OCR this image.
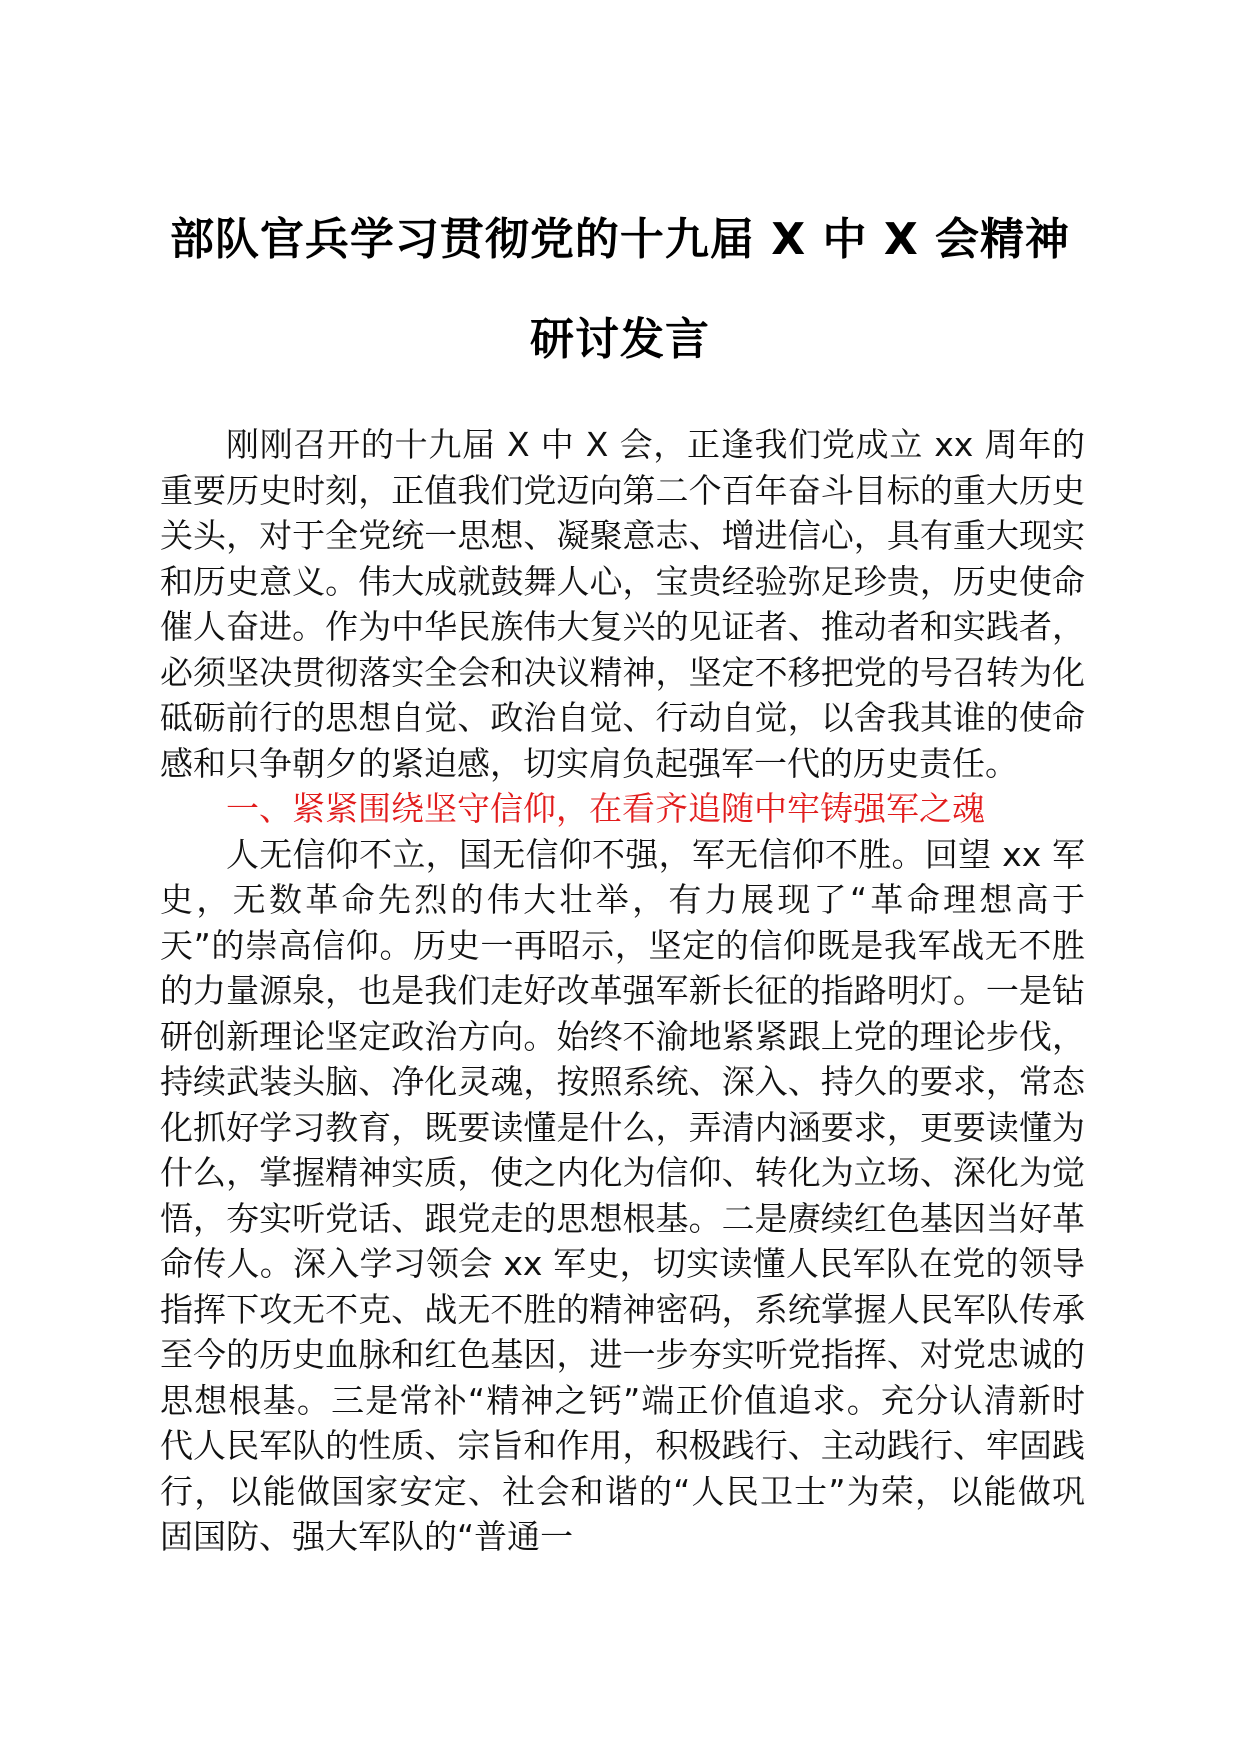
部队官兵学习贯彻党的十九届 X 中 X 会精神研讨发言

刚刚召开的十九届 X 中 X 会，正逢我们党成立 xx 周年的重要历史时刻，正值我们党迈向第二个百年奋斗目标的重大历史关头，对于全党统一思想、凝聚意志、增进信心，具有重大现实和历史意义。伟大成就鼓舞人心，宝贵经验弥足珍贵，历史使命催人奋进。作为中华民族伟大复兴的见证者、推动者和实践者，必须坚决贯彻落实全会和决议精神，坚定不移把党的号召转为化砥砺前行的思想自觉、政治自觉、行动自觉，以舍我其谁的使命感和只争朝夕的紧迫感，切实肩负起强军一代的历史责任。

一、紧紧围绕坚守信仰，在看齐追随中牢铸强军之魂

人无信仰不立，国无信仰不强，军无信仰不胜。回望 xx 军史，无数革命先烈的伟大壮举，有力展现了“革命理想高于天”的崇高信仰。历史一再昭示，坚定的信仰既是我军战无不胜的力量源泉，也是我们走好改革强军新长征的指路明灯。一是钻研创新理论坚定政治方向。始终不渝地紧紧跟上党的理论步伐，持续武装头脑、净化灵魂，按照系统、深入、持久的要求，常态化抓好学习教育，既要读懂是什么，弄清内涵要求，更要读懂为什么，掌握精神实质，使之内化为信仰、转化为立场、深化为觉悟，夯实听党话、跟党走的思想根基。二是赓续红色基因当好革命传人。深入学习领会 xx 军史，切实读懂人民军队在党的领导指挥下攻无不克、战无不胜的精神密码，系统掌握人民军队传承至今的历史血脉和红色基因，进一步夯实听党指挥、对党忠诚的思想根基。三是常补“精神之钙”端正价值追求。充分认清新时代人民军队的性质、宗旨和作用，积极践行、主动践行、牢固践行，以能做国家安定、社会和谐的“人民卫士”为荣，以能做巩固国防、强大军队的“普通一
